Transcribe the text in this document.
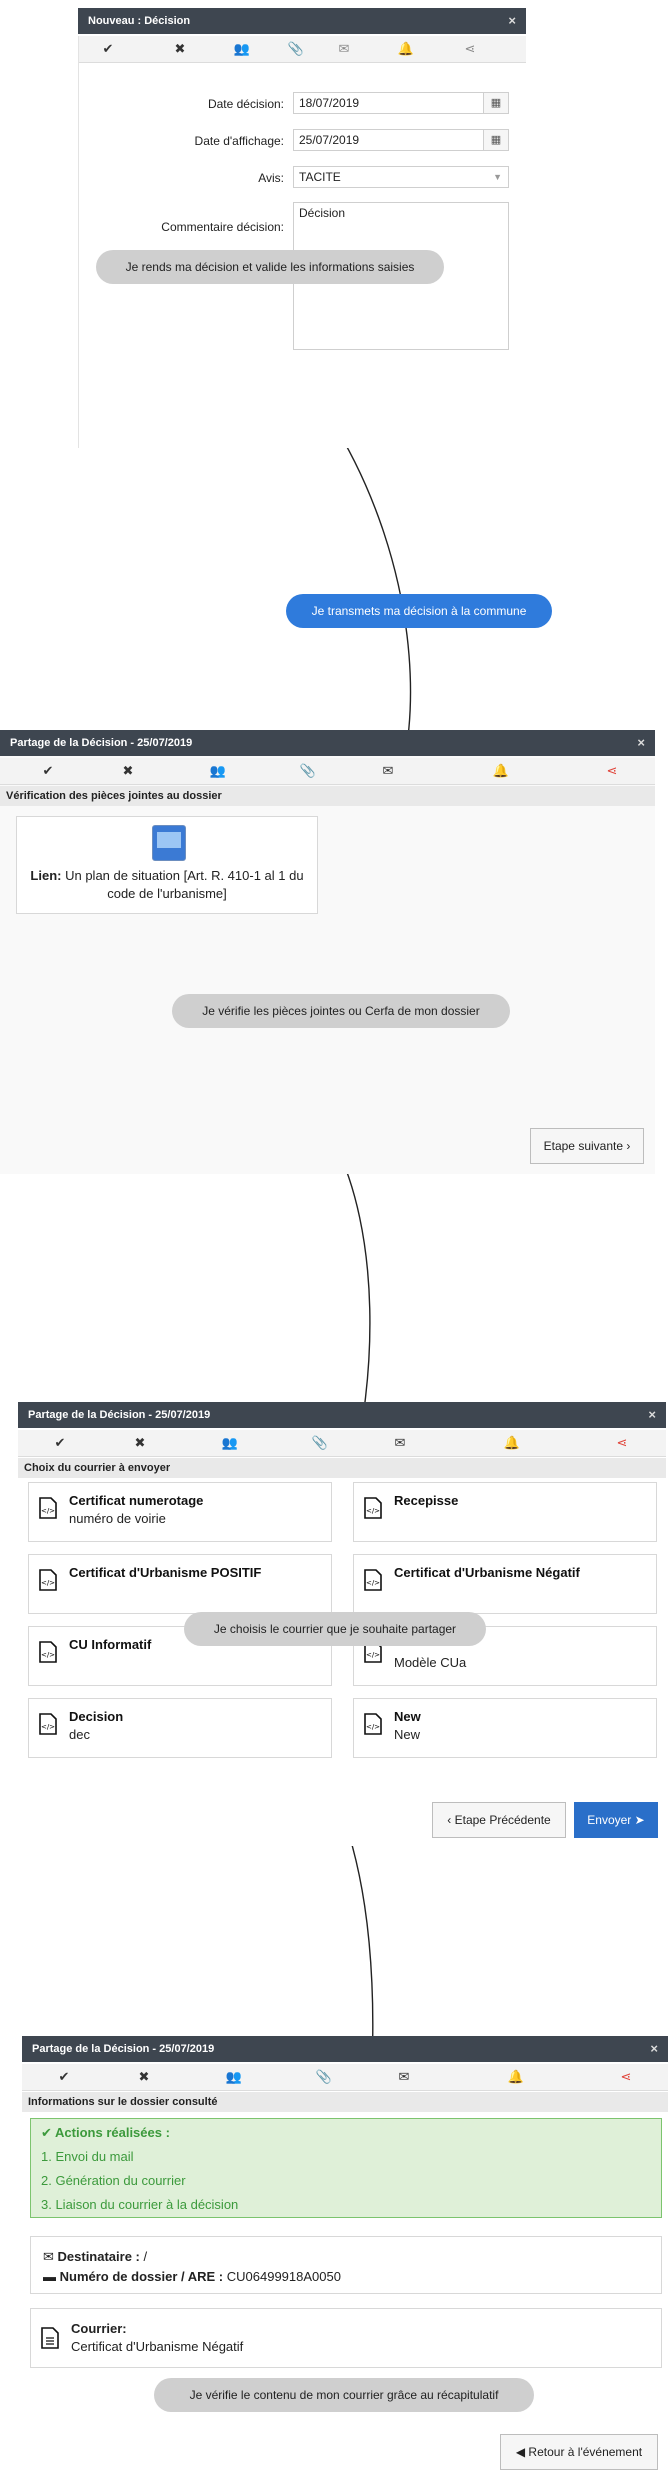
Nouveau : Décision	×
✔	✖	👥	📎	✉	🔔	⋖
Date décision:	18/07/2019	▦
Date d'affichage:	25/07/2019	▦
Avis:	TACITE	▼
Commentaire décision:
Décision
Je rends ma décision et valide les informations saisies
Je transmets ma décision à la commune
Partage de la Décision - 25/07/2019	×
✔	✖	👥	📎	✉	🔔	⋖
Vérification des pièces jointes au dossier
Lien: Un plan de situation [Art. R. 410-1 al 1 du code de l'urbanisme]
Je vérifie les pièces jointes ou Cerfa de mon dossier
Etape suivante ›
Partage de la Décision - 25/07/2019	×
✔	✖	👥	📎	✉	🔔	⋖
Choix du courrier à envoyer
</>
Certificat numerotage
numéro de voirie	</>
Recepisse
</>
Certificat d'Urbanisme POSITIF
</>
Certificat d'Urbanisme Négatif
</>
CU Informatif
</> Modèle CUa
</>
Decision
dec	</>
New
New
Je choisis le courrier que je souhaite partager
‹ Etape Précédente	Envoyer ➤
Partage de la Décision - 25/07/2019	×
✔	✖	👥	📎	✉	🔔	⋖
Informations sur le dossier consulté
✔ Actions réalisées :
1. Envoi du mail
2. Génération du courrier
3. Liaison du courrier à la décision
✉ Destinataire : /
▬ Numéro de dossier / ARE : CU06499918A0050
Courrier:
Certificat d'Urbanisme Négatif
Je vérifie le contenu de mon courrier grâce au récapitulatif
◀ Retour à l'événement
